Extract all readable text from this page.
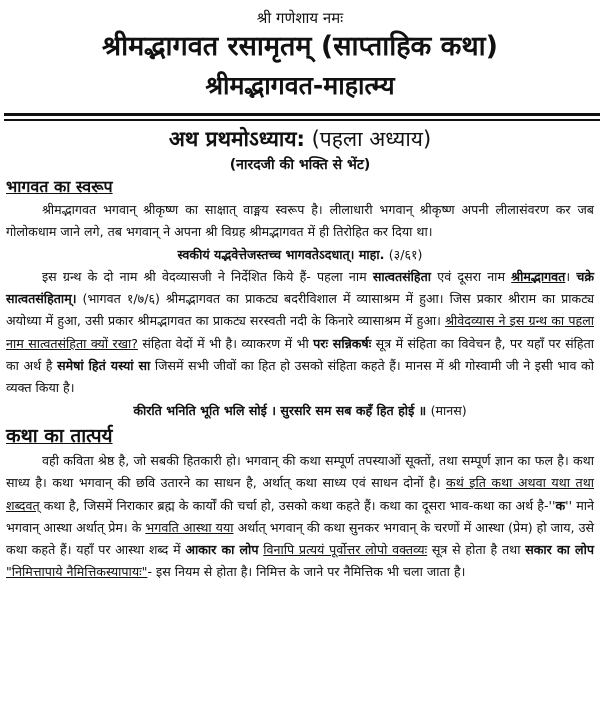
श्री गणेशाय नमः
श्रीमद्भागवत रसामृतम् (साप्ताहिक कथा)
श्रीमद्भागवत-माहात्म्य
अथ प्रथमोऽध्याय: (पहला अध्याय)
(नारदजी की भक्ति से भेंट)
भागवत का स्वरूप

श्रीमद्भागवत भगवान् श्रीकृष्ण का साक्षात् वाङ्मय स्वरूप है। लीलाधारी भगवान् श्रीकृष्ण अपनी लीलासंवरण कर जब गोलोकधाम जाने लगे, तब भगवान् ने अपना श्री विग्रह श्रीमद्भागवत में ही तिरोहित कर दिया था।

स्वकीयं यद्भवेत्तेजस्तच्च भागवतेऽदधात्। माहा. (३/६१)

इस ग्रन्थ के दो नाम श्री वेदव्यासजी ने निर्देशित किये हैं- पहला नाम सात्वतसंहिता एवं दूसरा नाम श्रीमद्भागवत। चक्रे सात्वतसंहिताम्। (भागवत १/७/६) श्रीमद्भागवत का प्राकट्य बदरीविशाल में व्यासाश्रम में हुआ। जिस प्रकार श्रीराम का प्राकट्य अयोध्या में हुआ, उसी प्रकार श्रीमद्भागवत का प्राकट्य सरस्वती नदी के किनारे व्यासाश्रम में हुआ। श्रीवेदव्यास ने इस ग्रन्थ का पहला नाम सात्वतसंहिता क्यों रखा? संहिता वेदों में भी है। व्याकरण में भी परः सन्निकर्षः सूत्र में संहिता का विवेचन है, पर यहाँ पर संहिता का अर्थ है समेषां हितं यस्यां सा जिसमें सभी जीवों का हित हो उसको संहिता कहते हैं। मानस में श्री गोस्वामी जी ने इसी भाव को व्यक्त किया है।

कीरति भनिति भूति भलि सोई । सुरसरि सम सब कहँ हित होई ॥ (मानस)

कथा का तात्पर्य

वही कविता श्रेष्ठ है, जो सबकी हितकारी हो। भगवान् की कथा सम्पूर्ण तपस्याओं सूक्तों, तथा सम्पूर्ण ज्ञान का फल है। कथा साध्य है। कथा भगवान् की छवि उतारने का साधन है, अर्थात् कथा साध्य एवं साधन दोनों है। कथं इति कथा अथवा यथा तथा शब्दवत् कथा है, जिसमें निराकार ब्रह्म के कार्यों की चर्चा हो, उसको कथा कहते हैं। कथा का दूसरा भाव-कथा का अर्थ है-''क'' माने भगवान् आस्था अर्थात् प्रेम। के भगवति आस्था यया अर्थात् भगवान् की कथा सुनकर भगवान् के चरणों में आस्था (प्रेम) हो जाय, उसे कथा कहते हैं। यहाँ पर आस्था शब्द में आकार का लोप विनापि प्रत्ययं पूर्वोत्तर लोपो वक्तव्यः सूत्र से होता है तथा सकार का लोप "निमित्तापाये नैमित्तिकस्यापायः"- इस नियम से होता है। निमित्त के जाने पर नैमित्तिक भी चला जाता है।
